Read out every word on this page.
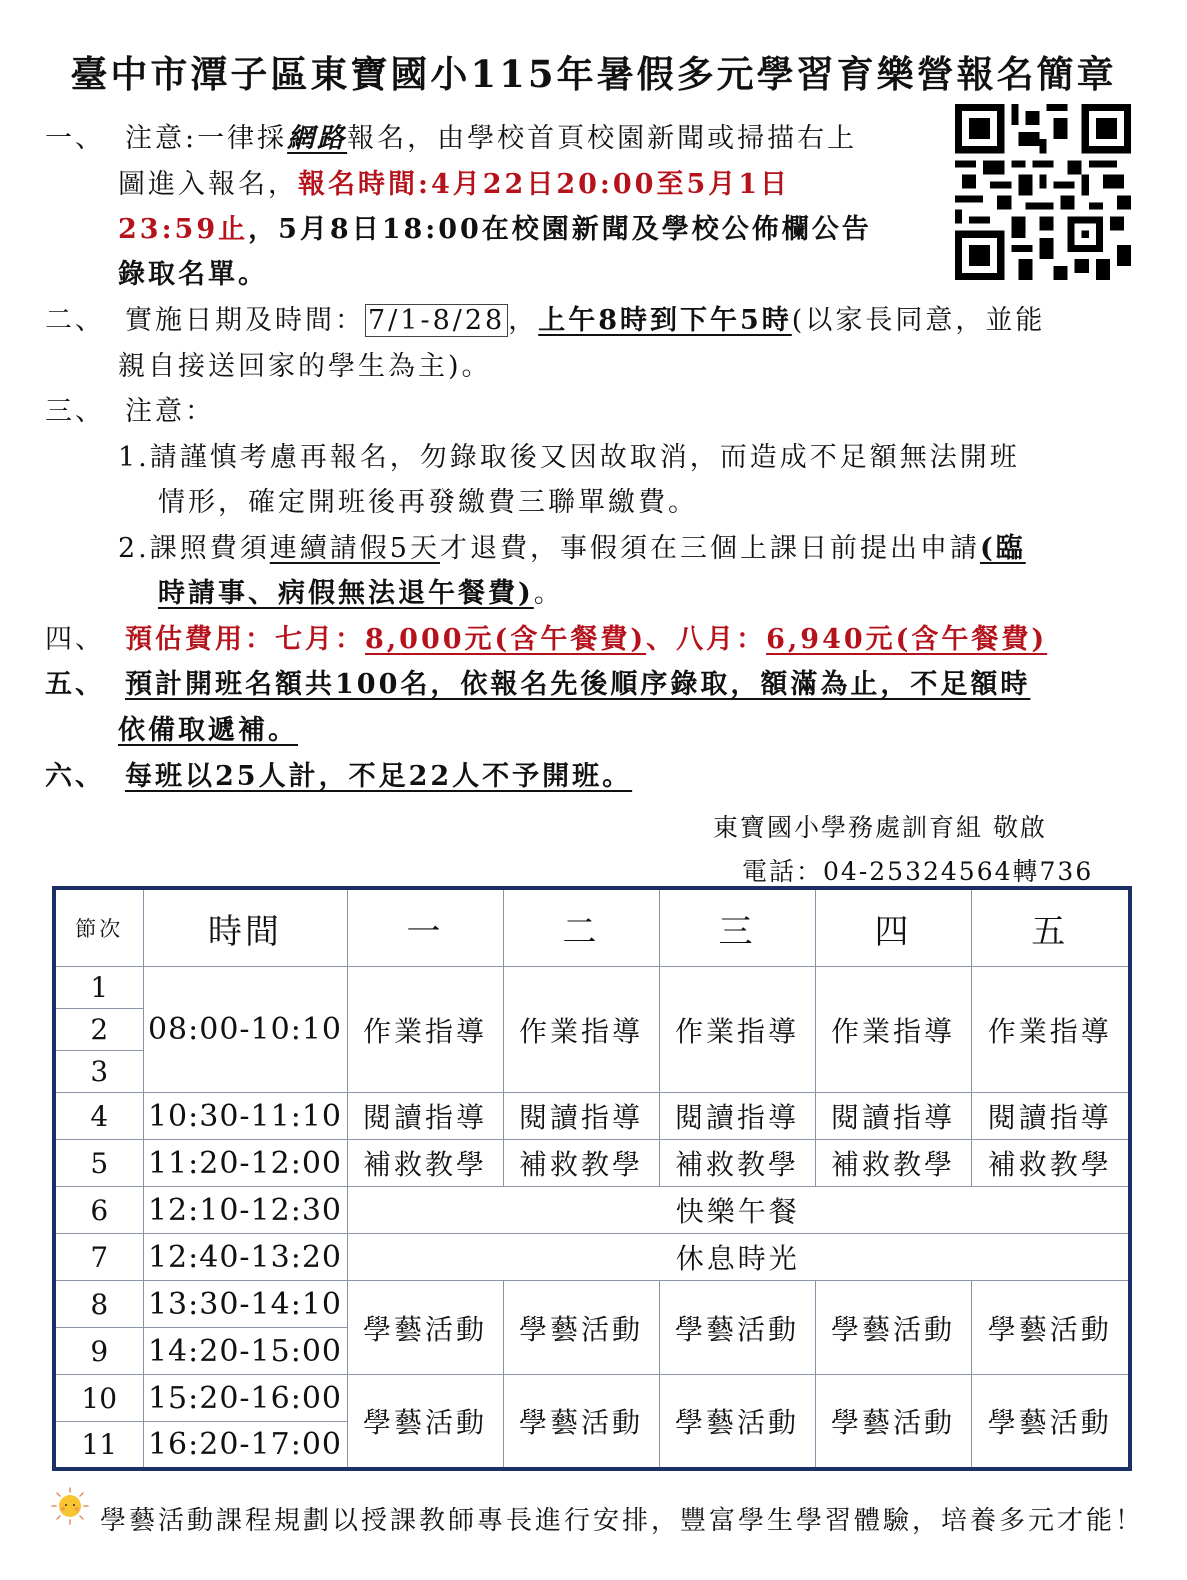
臺中市潭子區東寶國小115年暑假多元學習育樂營報名簡章
一、 注意:一律採網路報名，由學校首頁校園新聞或掃描右上
圖進入報名，報名時間:4月22日20:00至5月1日
23:59止，5月8日18:00在校園新聞及學校公佈欄公告
錄取名單。
二、 實施日期及時間： 7/1-8/28 ，上午8時到下午5時(以家長同意，並能
親自接送回家的學生為主)。
三、 注意：
1.請謹慎考慮再報名，勿錄取後又因故取消，而造成不足額無法開班
情形，確定開班後再發繳費三聯單繳費。
2.課照費須連續請假5天才退費，事假須在三個上課日前提出申請(臨
時請事、病假無法退午餐費)。
四、 預估費用：七月：8,000元(含午餐費)、八月：6,940元(含午餐費)
五、 預計開班名額共100名，依報名先後順序錄取，額滿為止，不足額時
依備取遞補。
六、 每班以25人計，不足22人不予開班。
東寶國小學務處訓育組 敬啟
電話：04-25324564轉736
節次	時間	一	二	三	四	五
1	08:00-10:10	作業指導	作業指導	作業指導	作業指導	作業指導
2						
3						
4	10:30-11:10	閱讀指導	閱讀指導	閱讀指導	閱讀指導	閱讀指導
5	11:20-12:00	補救教學	補救教學	補救教學	補救教學	補救教學
6	12:10-12:30	快樂午餐				
7	12:40-13:20	休息時光				
8	13:30-14:10	學藝活動	學藝活動	學藝活動	學藝活動	學藝活動
9	14:20-15:00					
10	15:20-16:00	學藝活動	學藝活動	學藝活動	學藝活動	學藝活動
11	16:20-17:00					
學藝活動課程規劃以授課教師專長進行安排，豐富學生學習體驗，培養多元才能！
